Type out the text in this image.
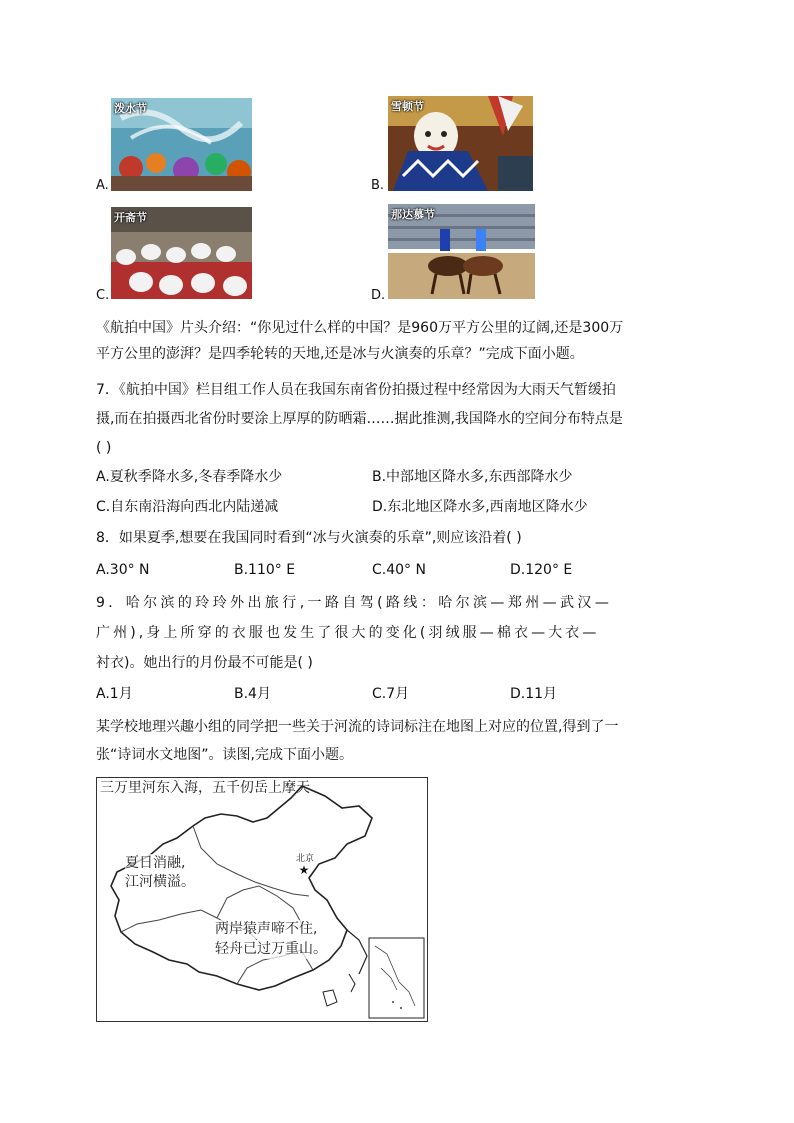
A.
泼水节
B.
雪顿节
C.
开斋节
D.
那达慕节
《航拍中国》片头介绍：“你见过什么样的中国？是960万平方公里的辽阔,还是300万
平方公里的澎湃？是四季轮转的天地,还是冰与火演奏的乐章？”完成下面小题。
7．《航拍中国》栏目组工作人员在我国东南省份拍摄过程中经常因为大雨天气暂缓拍
摄,而在拍摄西北省份时要涂上厚厚的防晒霜……据此推测,我国降水的空间分布特点是
( )
A.夏秋季降水多,冬春季降水少	B.中部地区降水多,东西部降水少
C.自东南沿海向西北内陆递减	D.东北地区降水多,西南地区降水少
8．如果夏季,想要在我国同时看到“冰与火演奏的乐章”,则应该沿着( )
A.30° N	B.110° E	C.40° N	D.120° E
9．哈尔滨的玲玲外出旅行,一路自驾(路线：哈尔滨—郑州—武汉—
广州),身上所穿的衣服也发生了很大的变化(羽绒服—棉衣—大衣—
衬衣)。她出行的月份最不可能是( )
A.1月	B.4月	C.7月	D.11月
某学校地理兴趣小组的同学把一些关于河流的诗词标注在地图上对应的位置,得到了一
张“诗词水文地图”。读图,完成下面小题。
★
三万里河东入海，五千仞岳上摩天
夏日消融,
江河横溢。
两岸猿声啼不住,
轻舟已过万重山。
北京
